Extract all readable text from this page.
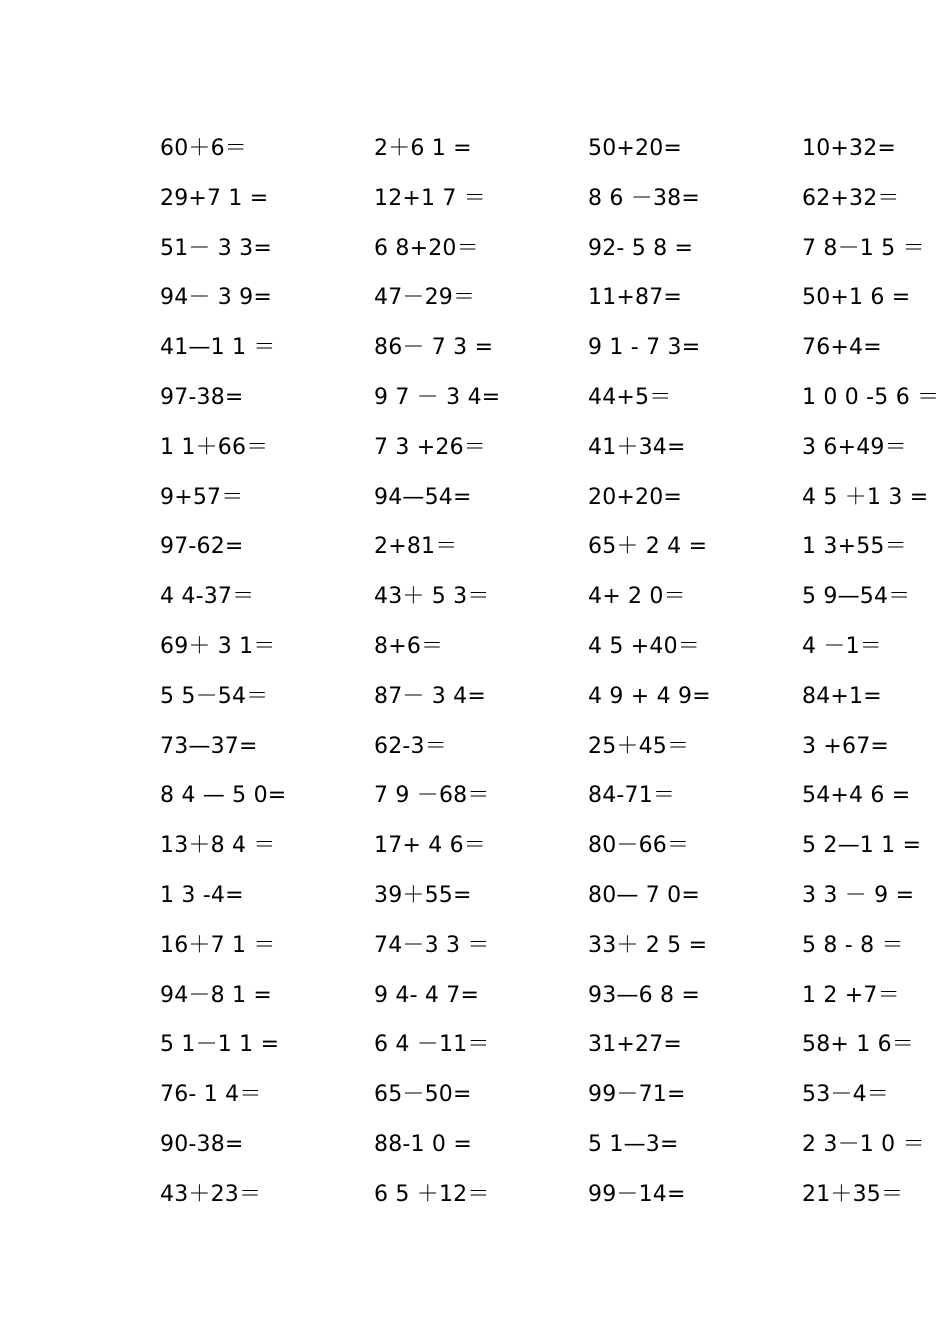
60＋6＝	2＋6 1 =	50+20=	10+32=
29+7 1 =	12+1 7 ＝	8 6 －38=	62+32＝
51－ 3 3=	6 8+20＝	92- 5 8 =	7 8－1 5 ＝
94－ 3 9=	47－29＝	11+87=	50+1 6 =
41—1 1 ＝	86－ 7 3 =	9 1 - 7 3=	76+4=
97-38=	9 7 － 3 4=	44+5＝	1 0 0 -5 6 ＝
1 1＋66＝	7 3 +26＝	41＋34=	3 6+49＝
9+57＝	94—54=	20+20=	4 5 ＋1 3 =
97-62=	2+81＝	65＋ 2 4 =	1 3+55＝
4 4-37＝	43＋ 5 3＝	4+ 2 0＝	5 9—54＝
69＋ 3 1＝	8+6＝	4 5 +40＝	4 －1＝
5 5－54＝	87－ 3 4=	4 9 + 4 9=	84+1=
73—37=	62-3＝	25＋45＝	3 +67=
8 4 — 5 0=	7 9 －68＝	84-71＝	54+4 6 =
13＋8 4 ＝	17+ 4 6＝	80－66＝	5 2—1 1 =
1 3 -4=	39＋55=	80— 7 0=	3 3 － 9 =
16＋7 1 ＝	74－3 3 ＝	33＋ 2 5 =	5 8 - 8 ＝
94－8 1 =	9 4- 4 7=	93—6 8 =	1 2 +7＝
5 1－1 1 =	6 4 －11＝	31+27=	58+ 1 6＝
76- 1 4＝	65－50=	99－71=	53－4＝
90-38=	88-1 0 =	5 1—3=	2 3－1 0 ＝
43＋23＝	6 5 ＋12＝	99－14=	21＋35＝
